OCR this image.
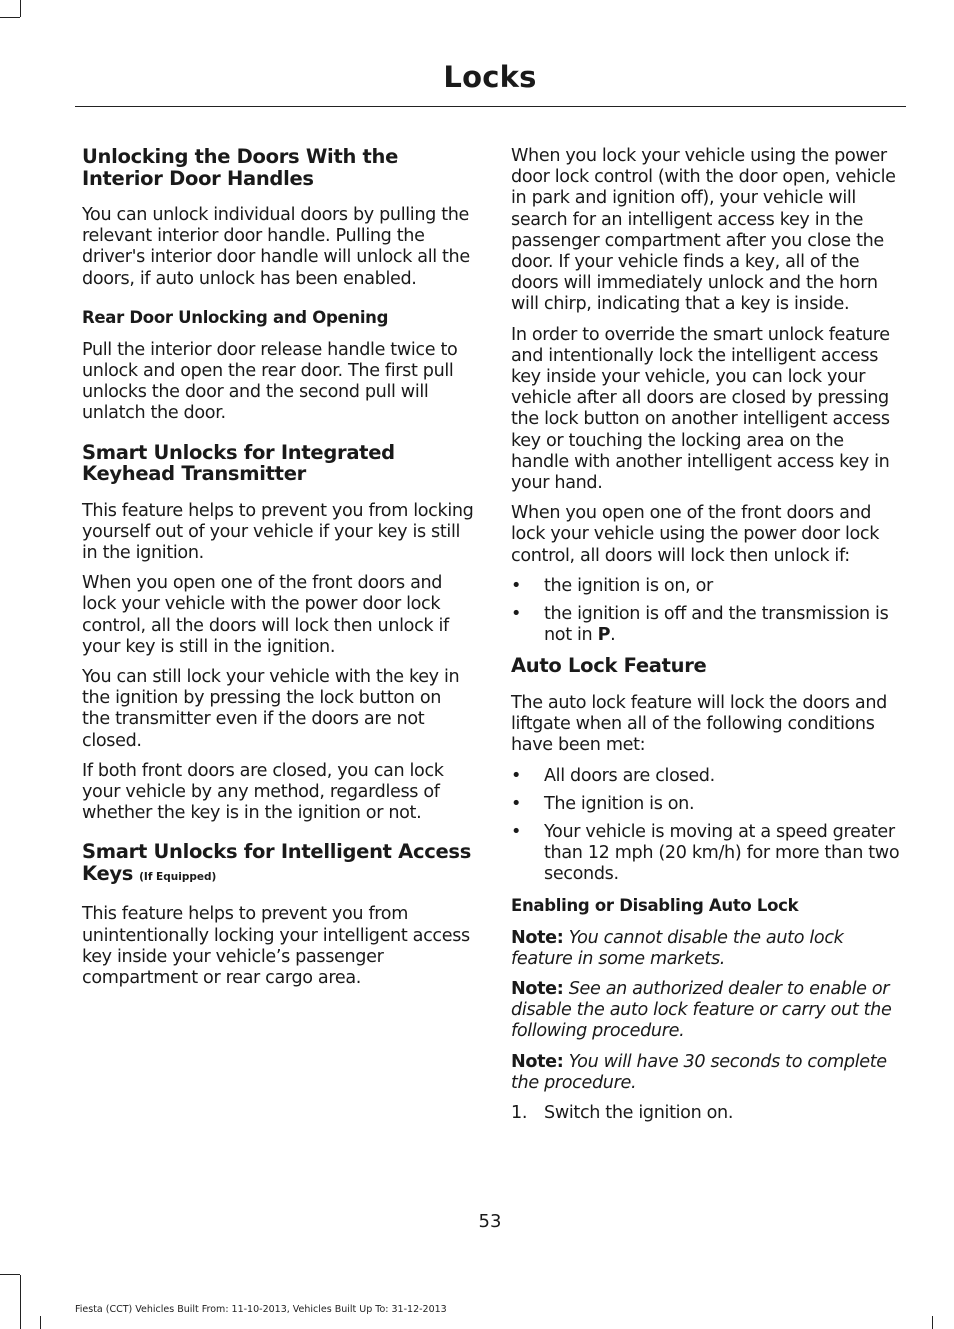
Locks
Unlocking the Doors With the Interior Door Handles

You can unlock individual doors by pulling the relevant interior door handle. Pulling the driver's interior door handle will unlock all the doors, if auto unlock has been enabled.

Rear Door Unlocking and Opening

Pull the interior door release handle twice to unlock and open the rear door. The first pull unlocks the door and the second pull will unlatch the door.

Smart Unlocks for Integrated Keyhead Transmitter

This feature helps to prevent you from locking yourself out of your vehicle if your key is still in the ignition.

When you open one of the front doors and lock your vehicle with the power door lock control, all the doors will lock then unlock if your key is still in the ignition.

You can still lock your vehicle with the key in the ignition by pressing the lock button on the transmitter even if the doors are not closed.

If both front doors are closed, you can lock your vehicle by any method, regardless of whether the key is in the ignition or not.

Smart Unlocks for Intelligent Access Keys (If Equipped)

This feature helps to prevent you from unintentionally locking your intelligent access key inside your vehicle’s passenger compartment or rear cargo area.

When you lock your vehicle using the power door lock control (with the door open, vehicle in park and ignition off), your vehicle will search for an intelligent access key in the passenger compartment after you close the door. If your vehicle finds a key, all of the doors will immediately unlock and the horn will chirp, indicating that a key is inside.

In order to override the smart unlock feature and intentionally lock the intelligent access key inside your vehicle, you can lock your vehicle after all doors are closed by pressing the lock button on another intelligent access key or touching the locking area on the handle with another intelligent access key in your hand.

When you open one of the front doors and lock your vehicle using the power door lock control, all doors will lock then unlock if:

• the ignition is on, or
• the ignition is off and the transmission is not in P.
Auto Lock Feature

The auto lock feature will lock the doors and liftgate when all of the following conditions have been met:

• All doors are closed.
• The ignition is on.
• Your vehicle is moving at a speed greater than 12 mph (20 km/h) for more than two seconds.
Enabling or Disabling Auto Lock

Note: You cannot disable the auto lock feature in some markets.

Note: See an authorized dealer to enable or disable the auto lock feature or carry out the following procedure.

Note: You will have 30 seconds to complete the procedure.

1. Switch the ignition on.
53
Fiesta (CCT) Vehicles Built From: 11-10-2013, Vehicles Built Up To: 31-12-2013
